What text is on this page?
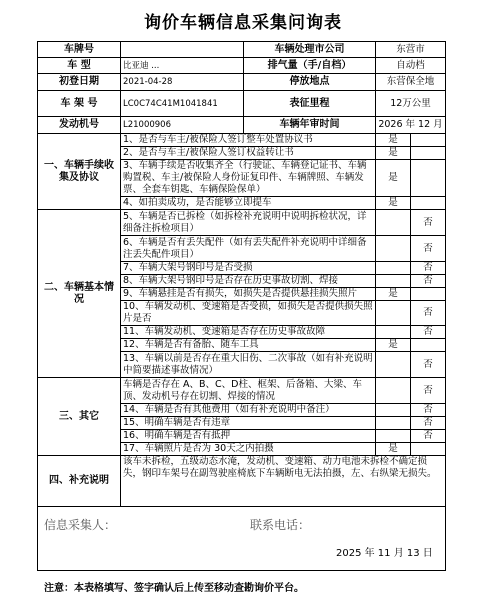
询价车辆信息采集问询表
车牌号		车辆处理市公司	东营市	
车 型	比亚迪 ...	排气量（手/自档）	自动档	
初登日期	2021-04-28	停放地点	东营保全地	
车 架 号	LC0C74C41M1041841	表征里程	12万公里	
发动机号	L21000906	车辆年审时间	2026 年 12 月	
一、车辆手续收集及协议	1、是否与车主/被保险人签订整车处置协议书		是	
	2、是否与车主/被保险人签订权益转让书		是	
	3、车辆手续是否收集齐全（行驶证、车辆登记证书、车辆购置税、车主/被保险人身份证复印件、车辆牌照、车辆发票、全套车钥匙、车辆保险保单）		是	
	4、如拍卖成功，是否能够立即提车		是	
二、车辆基本情况	5、车辆是否已拆检（如拆检补充说明中说明拆检状况，详细备注拆检项目）			否
	6、车辆是否有丢失配件（如有丢失配件补充说明中详细备注丢失配件项目）			否
	7、车辆大架号钢印号是否受损			否
	8、车辆大架号钢印号是否存在历史事故切割、焊接			否
	9、车辆悬挂是否有损失，如损失是否提供悬挂损失照片		是	
	10、车辆发动机、变速箱是否受损，如损失是否提供损失照片是否			否
	11、车辆发动机、变速箱是否存在历史事故故障			否
	12、车辆是否有备胎、随车工具		是	
	13、车辆以前是否存在重大旧伤、二次事故（如有补充说明中简要描述事故情况）			否
三、其它	车辆是否存在 A、B、C、D柱、框架、后备箱、大梁、车顶、发动机号存在切割、焊接的情况			否
	14、车辆是否有其他费用（如有补充说明中备注）			否
	15、明确车辆是否有违章			否
	16、明确车辆是否有抵押			否
	17、车辆照片是否为 30天之内拍摄		是	
四、补充说明	该车未拆检，五级动态水淹，发动机、变速箱、动力电池未拆检不确定损失，钢印车架号在副驾驶座椅底下车辆断电无法拍摄，左、右纵梁无损失。			

信息采集人： 联系电话：
2025 年 11 月 13 日				
注意：本表格填写、签字确认后上传至移动查勘询价平台。
